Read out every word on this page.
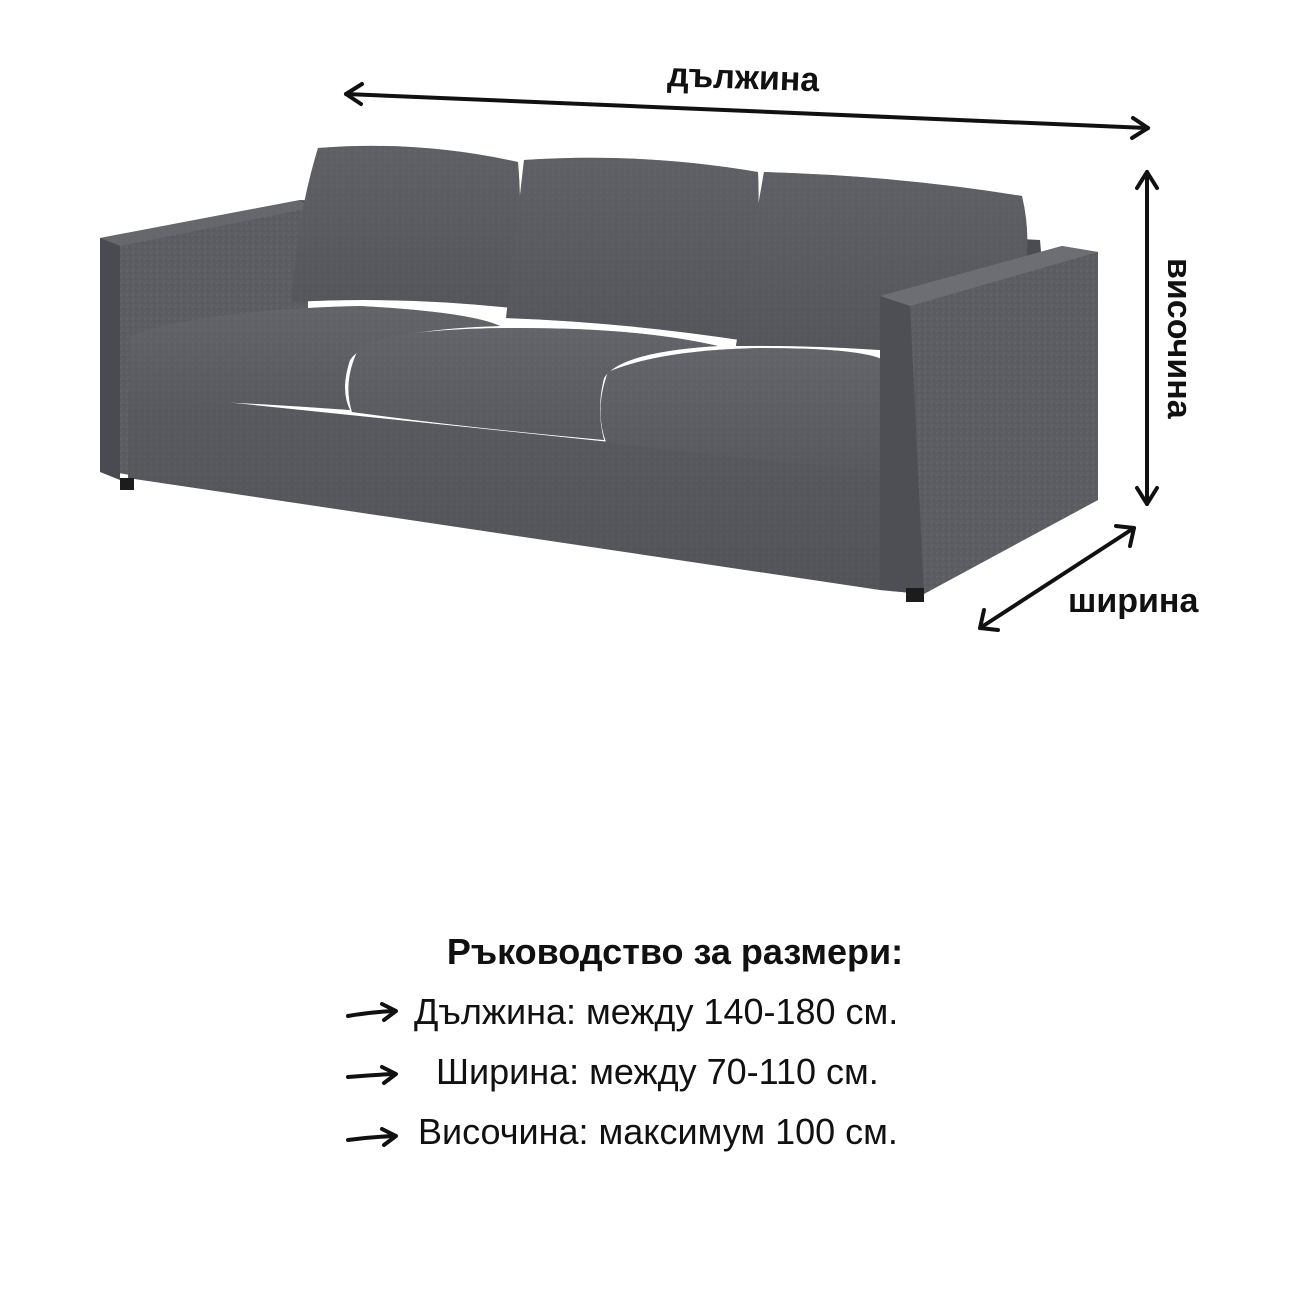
дължина
височина
ширина
Ръководство за размери:
Дължина: между 140-180 см.
Ширина: между 70-110 см.
Височина: максимум 100 см.
